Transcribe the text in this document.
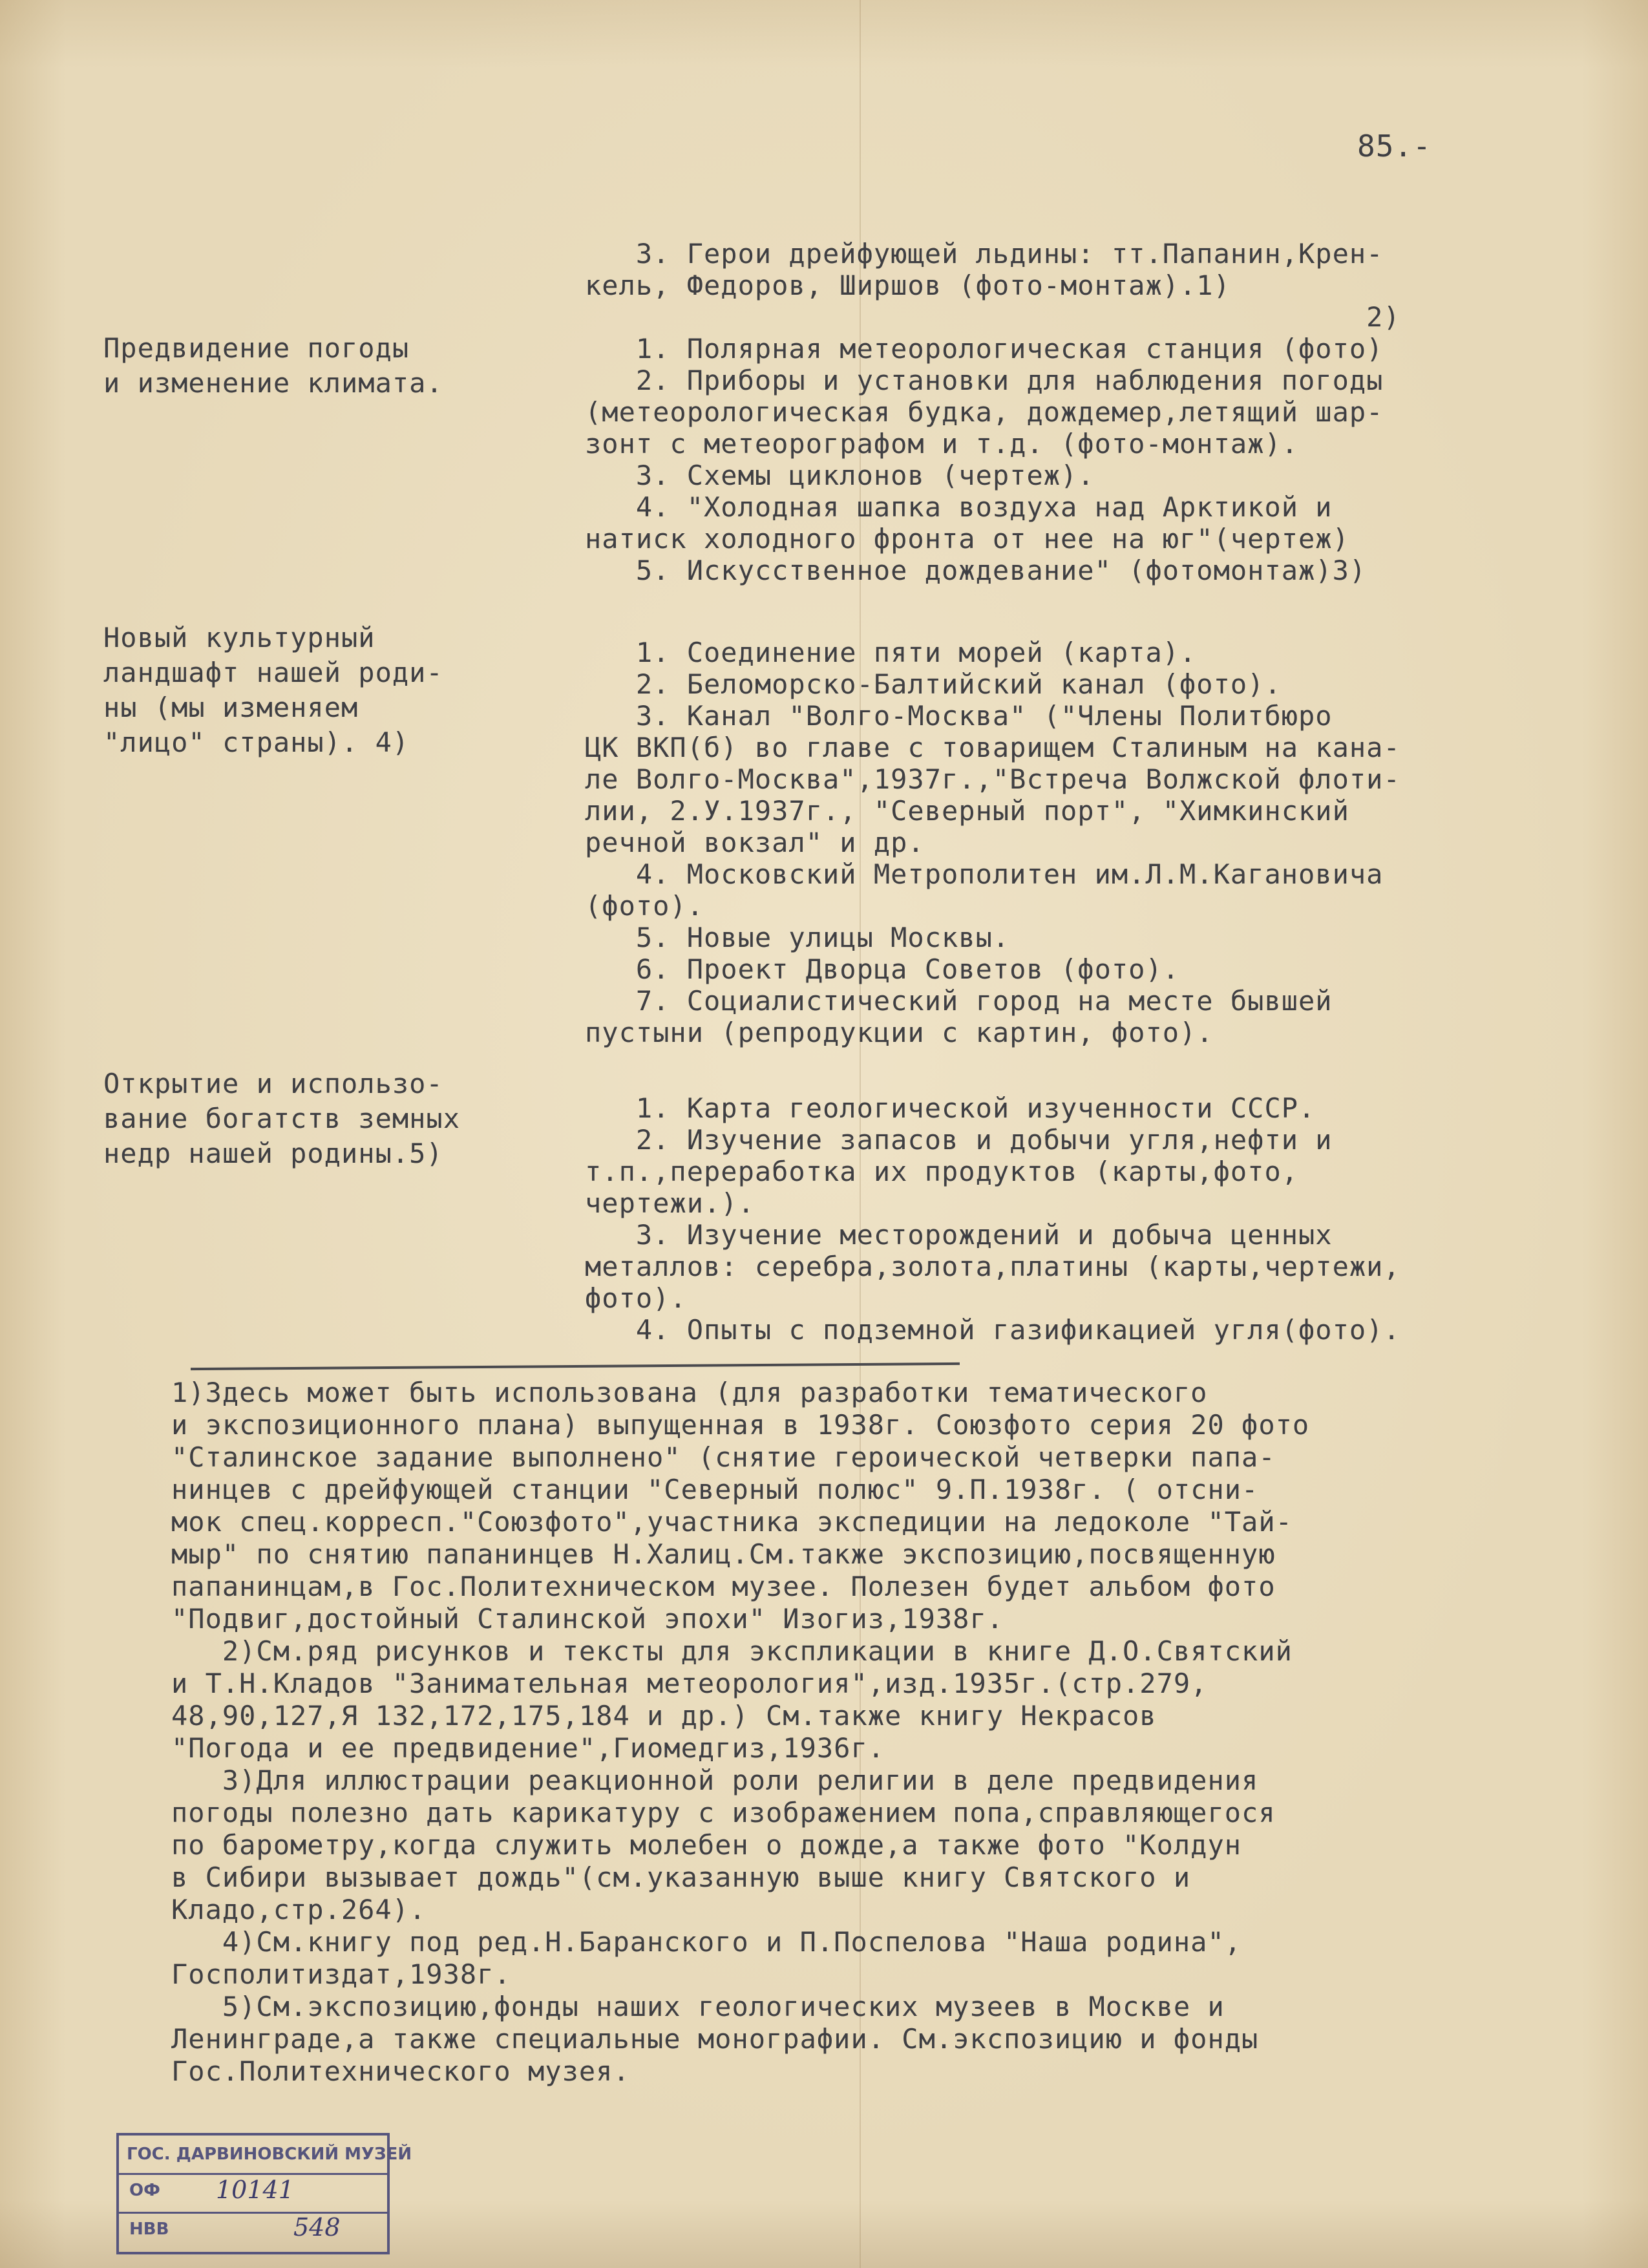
85.-
Предвидение погоды
и изменение климата.
3. Герои дрейфующей льдины: тт.Папанин,Крен-
кель, Федоров, Ширшов (фото-монтаж).1)
2)
1. Полярная метеорологическая станция (фото)
2. Приборы и установки для наблюдения погоды
(метеорологическая будка, дождемер,летящий шар-
зонт с метеорографом и т.д. (фото-монтаж).
3. Схемы циклонов (чертеж).
4. "Холодная шапка воздуха над Арктикой и
натиск холодного фронта от нее на юг"(чертеж)
5. Искусственное дождевание" (фотомонтаж)3)
Новый культурный
ландшафт нашей роди-
ны (мы изменяем
"лицо" страны). 4)
1. Соединение пяти морей (карта).
2. Беломорско-Балтийский канал (фото).
3. Канал "Волго-Москва" ("Члены Политбюро
ЦК ВКП(б) во главе с товарищем Сталиным на кана-
ле Волго-Москва",1937г.,"Встреча Волжской флоти-
лии, 2.У.1937г., "Северный порт", "Химкинский
речной вокзал" и др.
4. Московский Метрополитен им.Л.М.Кагановича
(фото).
5. Новые улицы Москвы.
6. Проект Дворца Советов (фото).
7. Социалистический город на месте бывшей
пустыни (репродукции с картин, фото).
Открытие и использо-
вание богатств земных
недр нашей родины.5)
1. Карта геологической изученности СССР.
2. Изучение запасов и добычи угля,нефти и
т.п.,переработка их продуктов (карты,фото,
чертежи.).
3. Изучение месторождений и добыча ценных
металлов: серебра,золота,платины (карты,чертежи,
фото).
4. Опыты с подземной газификацией угля(фото).
1)Здесь может быть использована (для разработки тематического
и экспозиционного плана) выпущенная в 1938г. Союзфото серия 20 фото
"Сталинское задание выполнено" (снятие героической четверки папа-
нинцев с дрейфующей станции "Северный полюс" 9.П.1938г. ( отсни-
мок спец.корресп."Союзфото",участника экспедиции на ледоколе "Тай-
мыр" по снятию папанинцев Н.Халиц.См.также экспозицию,посвященную
папанинцам,в Гос.Политехническом музее. Полезен будет альбом фото
"Подвиг,достойный Сталинской эпохи" Изогиз,1938г.
2)См.ряд рисунков и тексты для экспликации в книге Д.О.Святский
и Т.Н.Кладов "Занимательная метеорология",изд.1935г.(стр.279,
48,90,127,Я 132,172,175,184 и др.) См.также книгу Некрасов
"Погода и ее предвидение",Гиомедгиз,1936г.
3)Для иллюстрации реакционной роли религии в деле предвидения
погоды полезно дать карикатуру с изображением попа,справляющегося
по барометру,когда служить молебен о дожде,а также фото "Колдун
в Сибири вызывает дождь"(см.указанную выше книгу Святского и
Кладо,стр.264).
4)См.книгу под ред.Н.Баранского и П.Поспелова "Наша родина",
Госполитиздат,1938г.
5)См.экспозицию,фонды наших геологических музеев в Москве и
Ленинграде,а также специальные монографии. См.экспозицию и фонды
Гос.Политехнического музея.
ГОС. ДАРВИНОВСКИЙ МУЗЕЙ
ОФ 10141
НВВ	548
